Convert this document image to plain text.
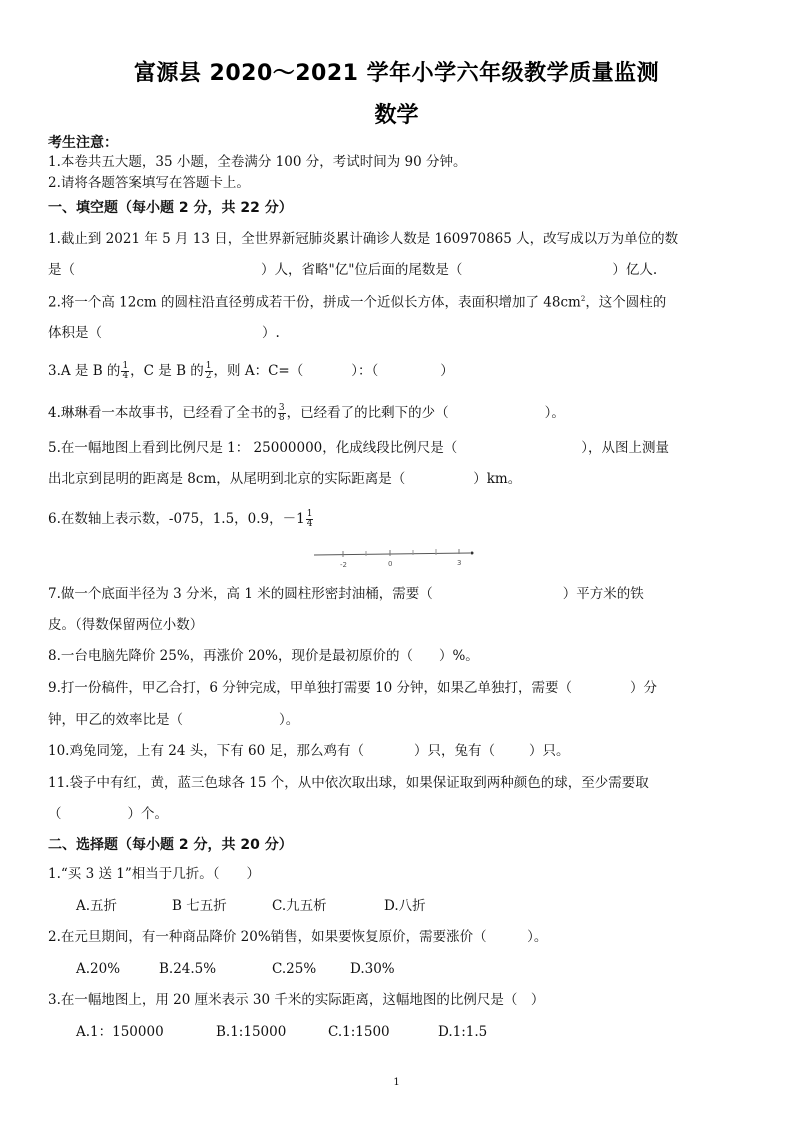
富源县 2020～2021 学年小学六年级教学质量监测
数学
考生注意：
1.本卷共五大题，35 小题，全卷满分 100 分，考试时间为 90 分钟。
2.请将各题答案填写在答题卡上。
一、填空题（每小题 2 分，共 22 分）
1.截止到 2021 年 5 月 13 日，全世界新冠肺炎累计确诊人数是 160970865 人，改写成以万为单位的数
是（	）人，省略"亿"位后面的尾数是（	）亿人.
2.将一个高 12cm 的圆柱沿直径剪成若干份，拼成一个近似长方体，表面积增加了 $48cm^2$，这个圆柱的
体积是（	）.
3.A 是 B 的 $\frac{1}{4}$ ，C 是 B 的 $\frac{1}{2}$ ，则 A：C=（	）：（	）
4.琳琳看一本故事书，已经看了全书的 $\frac{3}{8}$ ，已经看了的比剩下的少（	）。
5.在一幅地图上看到比例尺是 1： 25000000，化成线段比例尺是（	），从图上测量
出北京到昆明的距离是 8cm，从尾明到北京的实际距离是（	）km。
6.在数轴上表示数，-075，1.5，0.9，$-1 \frac{1}{4}$
-2	0	3
7.做一个底面半径为 3 分米，高 1 米的圆柱形密封油桶，需要（	）平方米的铁
皮。（得数保留两位小数）
8.一台电脑先降价 25%，再涨价 20%，现价是最初原价的（ ）%。
9.打一份稿件，甲乙合打，6 分钟完成，甲单独打需要 10 分钟，如果乙单独打，需要（	）分
钟，甲乙的效率比是（	）。
10.鸡兔同笼，上有 24 头，下有 60 足，那么鸡有（	）只，兔有（	）只。
11.袋子中有红，黄，蓝三色球各 15 个，从中依次取出球，如果保证取到两种颜色的球，至少需要取
（	）个。
二、选择题（每小题 2 分，共 20 分）
1.“买 3 送 1”相当于几折。（　　）
A.五折	B 七五折	C.九五析	D.八折
2.在元旦期间，有一种商品降价 20%销售，如果要恢复原价，需要涨价（　　　）。
A.20%	B.24.5%	C.25%	D.30%
3.在一幅地图上，用 20 厘米表示 30 千米的实际距离，这幅地图的比例尺是（　）
A.1：150000	B.1:15000	C.1:1500	D.1:1.5
1
